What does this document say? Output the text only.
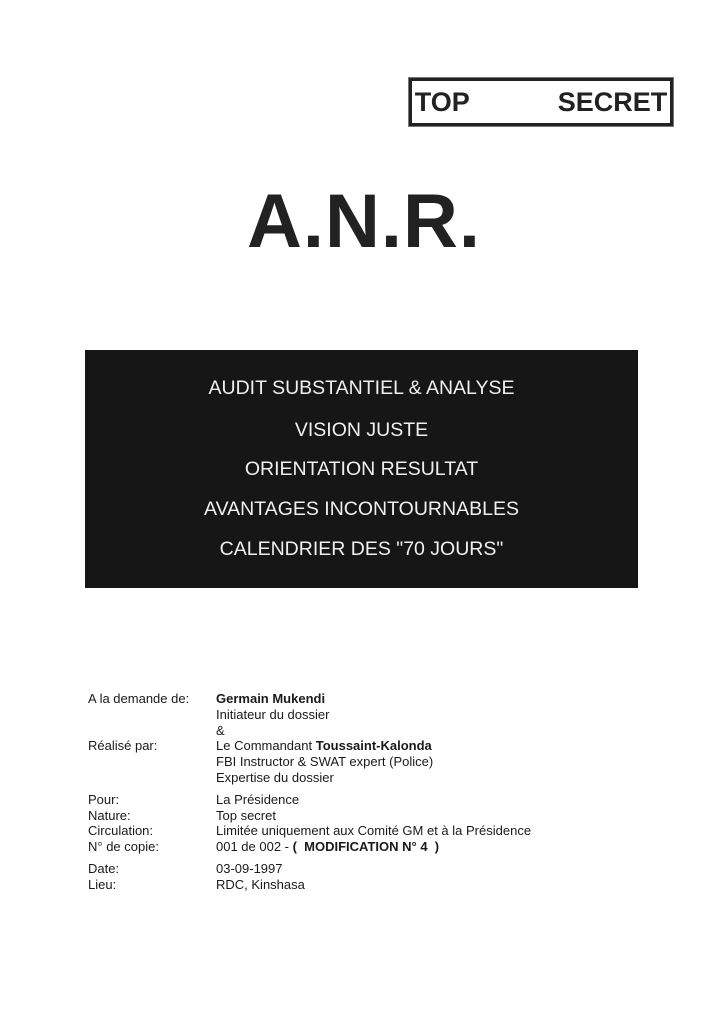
TOP   SECRET
A.N.R.
AUDIT SUBSTANTIEL & ANALYSE
VISION JUSTE
ORIENTATION RESULTAT
AVANTAGES INCONTOURNABLES
CALENDRIER DES "70 JOURS"
A la demande de:	Germain Mukendi
Initiateur du dossier
&
Réalisé par:	Le Commandant Toussaint-Kalonda
FBI Instructor & SWAT expert (Police)
Expertise du dossier
Pour:	La Présidence
Nature:	Top secret
Circulation:	Limitée uniquement aux Comité GM et à la Présidence
N° de copie:	001 de 002 - (  MODIFICATION N° 4  )
Date:	03-09-1997
Lieu:	RDC, Kinshasa
